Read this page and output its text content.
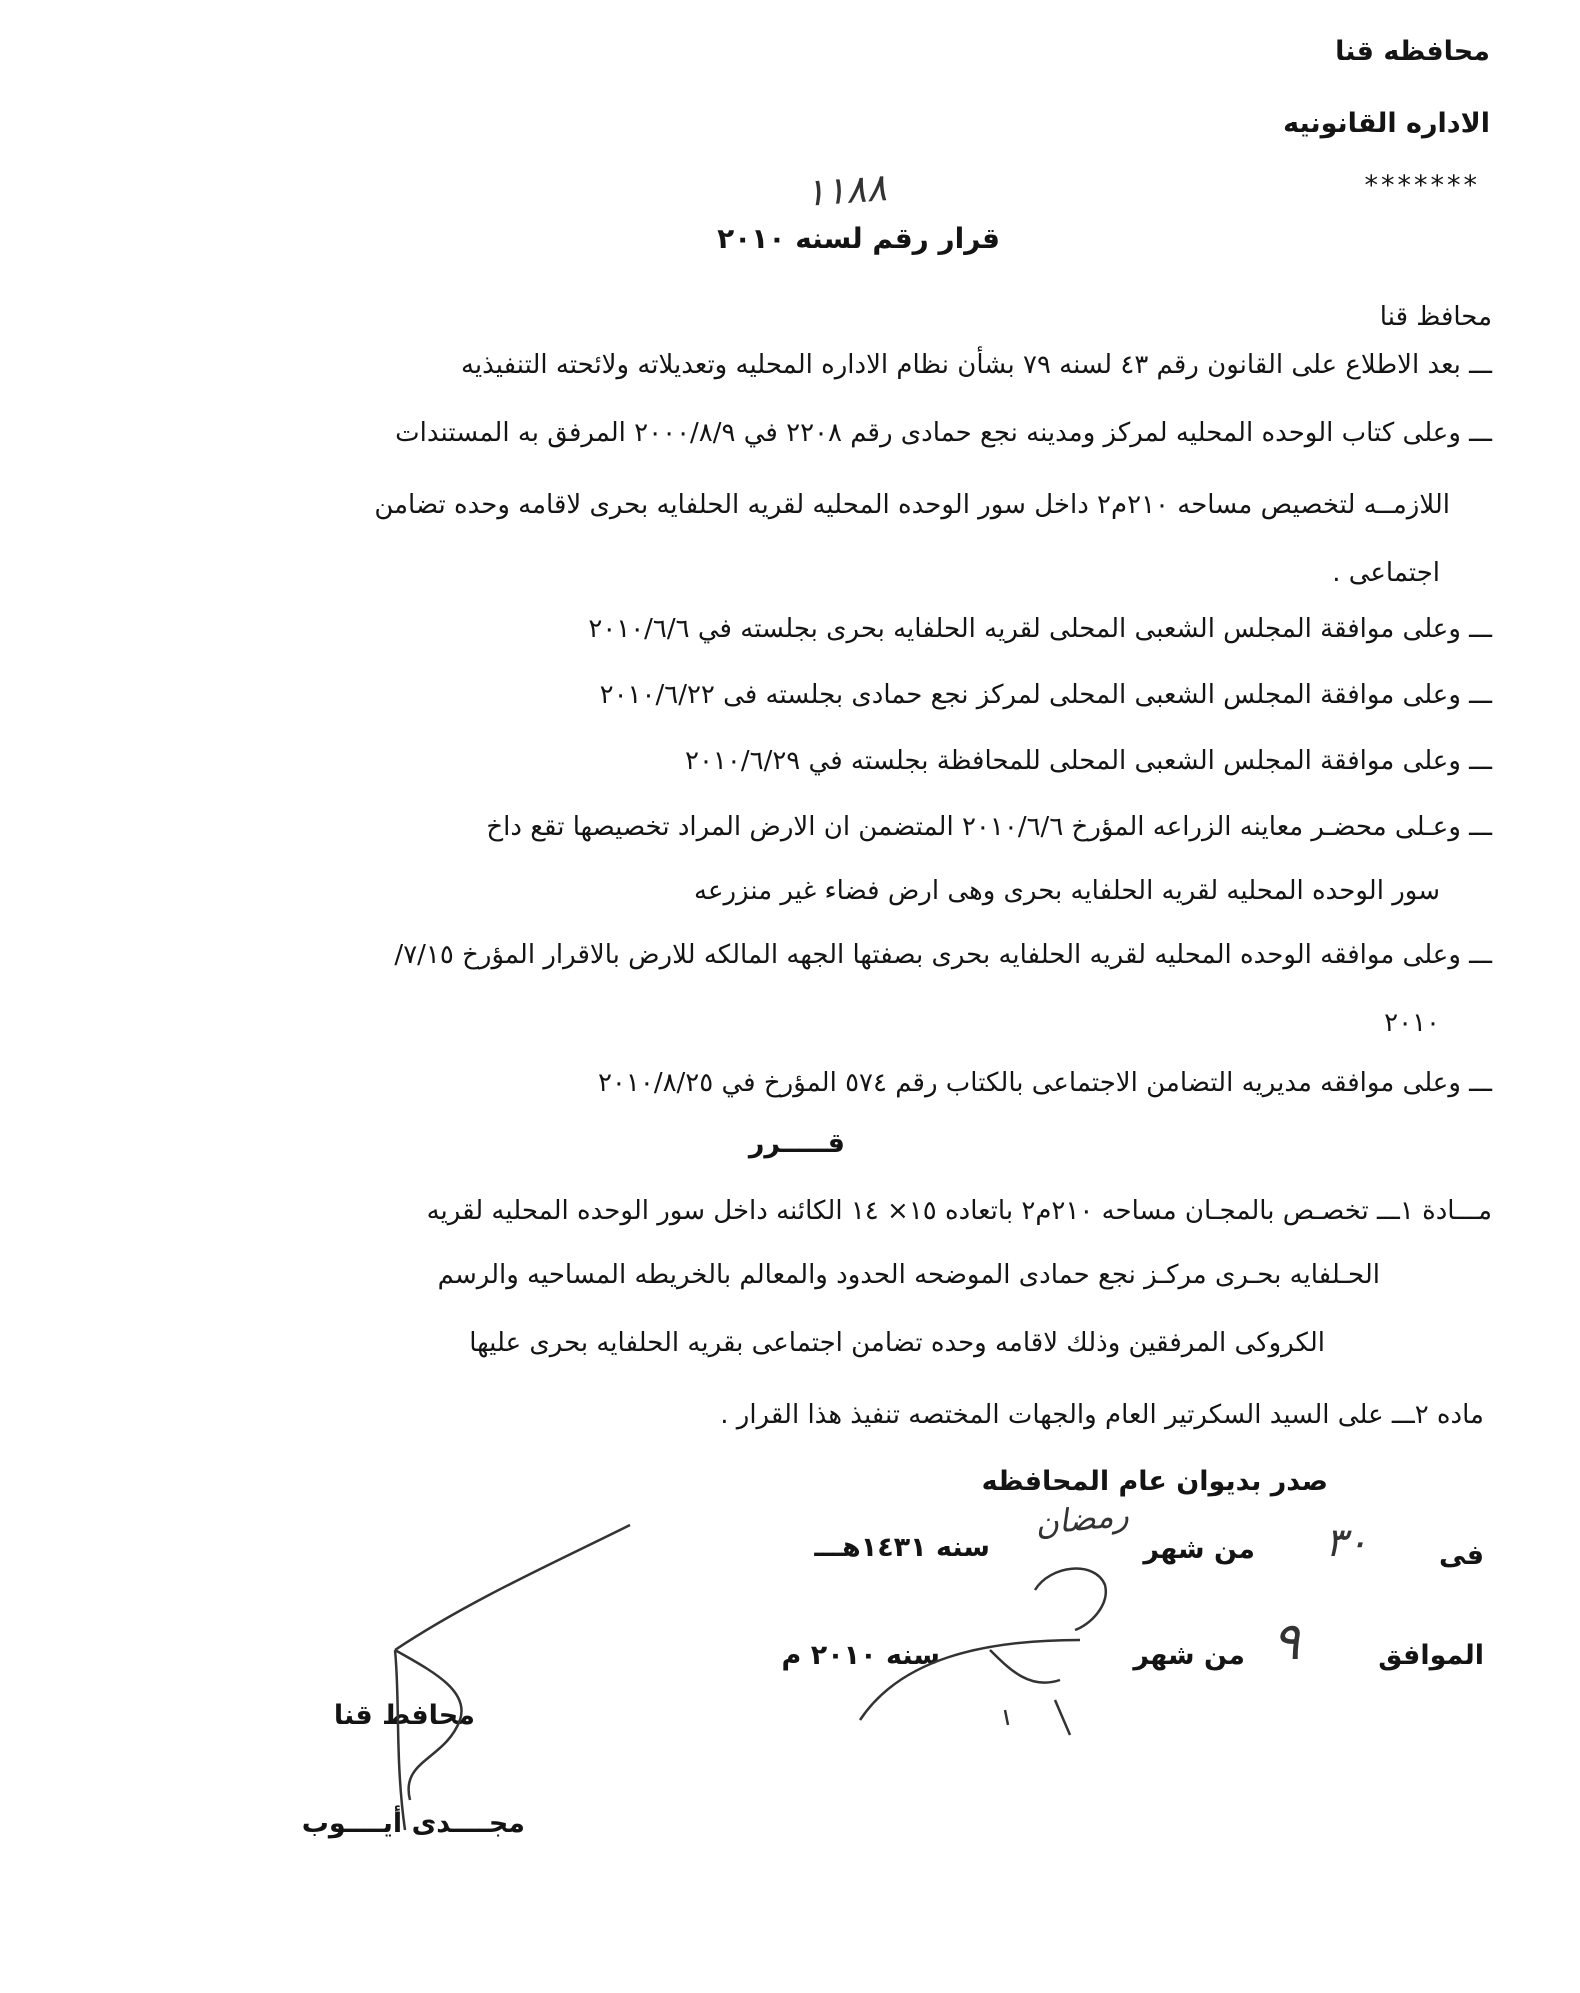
محافظه قنا
الاداره القانونيه
*******
١١٨٨
قرار رقم لسنه ٢٠١٠
محافظ قنا
ـــ بعد الاطلاع على القانون رقم ٤٣ لسنه ٧٩ بشأن نظام الاداره المحليه وتعديلاته ولائحته التنفيذيه
ـــ وعلى كتاب الوحده المحليه لمركز ومدينه نجع حمادى رقم ٢٢٠٨ في ٢٠٠٠/٨/٩ المرفق به المستندات
اللازمــه لتخصيص مساحه ٢١٠م٢ داخل سور الوحده المحليه لقريه الحلفايه بحرى لاقامه وحده تضامن
اجتماعى .
ـــ وعلى موافقة المجلس الشعبى المحلى لقريه الحلفايه بحرى بجلسته في ٢٠١٠/٦/٦
ـــ وعلى موافقة المجلس الشعبى المحلى لمركز نجع حمادى بجلسته فى ٢٠١٠/٦/٢٢
ـــ وعلى موافقة المجلس الشعبى المحلى للمحافظة بجلسته في ٢٠١٠/٦/٢٩
ـــ وعـلى محضـر معاينه الزراعه المؤرخ ٢٠١٠/٦/٦ المتضمن ان الارض المراد تخصيصها تقع داخ
سور الوحده المحليه لقريه الحلفايه بحرى وهى ارض فضاء غير منزرعه
ـــ وعلى موافقه الوحده المحليه لقريه الحلفايه بحرى بصفتها الجهه المالكه للارض بالاقرار المؤرخ ٧/١٥/
٢٠١٠
ـــ وعلى موافقه مديريه التضامن الاجتماعى بالكتاب رقم ٥٧٤ المؤرخ في ٢٠١٠/٨/٢٥
قـــــرر
مـــادة ١ـــ تخصـص بالمجـان مساحه ٢١٠م٢ باتعاده ١٥× ١٤ الكائنه داخل سور الوحده المحليه لقريه
الحـلفايه بحـرى مركـز نجع حمادى الموضحه الحدود والمعالم بالخريطه المساحيه والرسم
الكروكى المرفقين وذلك لاقامه وحده تضامن اجتماعى بقريه الحلفايه بحرى عليها
ماده ٢ـــ على السيد السكرتير العام والجهات المختصه تنفيذ هذا القرار .
صدر بديوان عام المحافظه
فى
٣٠
من شهر
رمضان
سنه ١٤٣١هـــ
الموافق
٩
من شهر
سنه ٢٠١٠ م
محافظ قنا
مجــــدى أيــــوب
